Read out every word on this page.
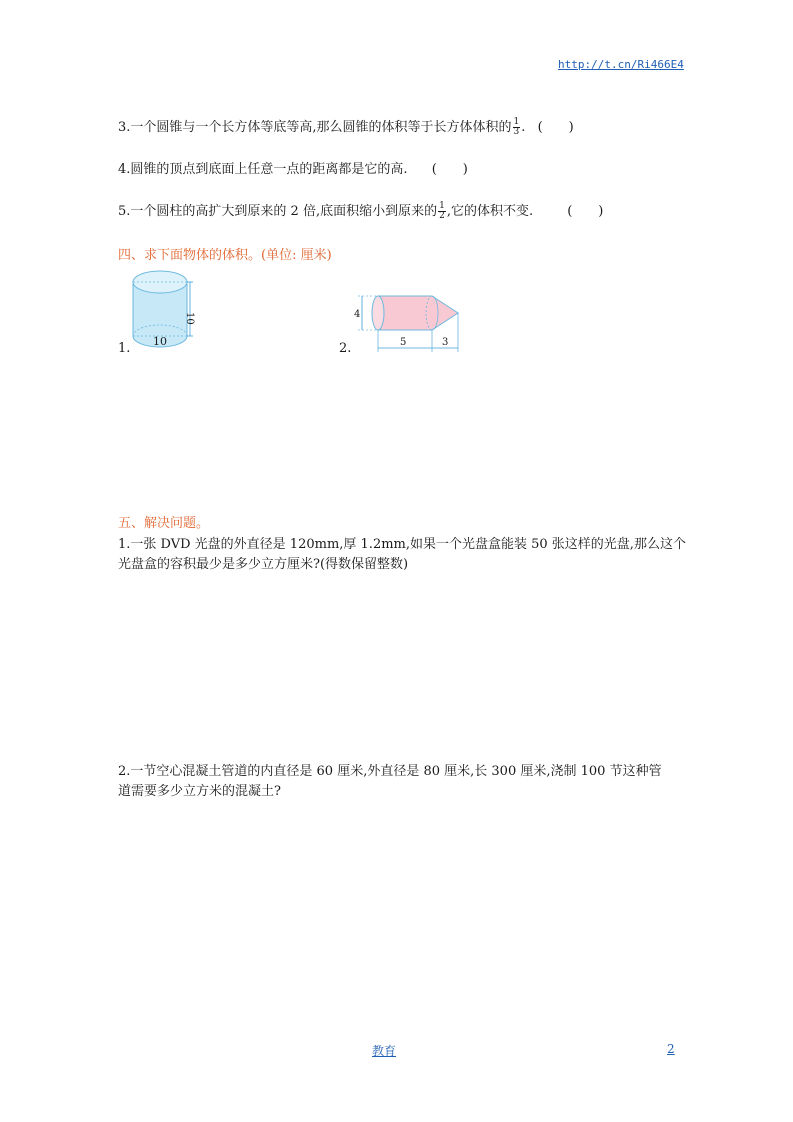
http://t.cn/Ri466E4
3.一个圆锥与一个长方体等底等高,那么圆锥的体积等于长方体体积的 $\frac{1}{3}$ . (　　)
4.圆锥的顶点到底面上任意一点的距离都是它的高. (　　)
5.一个圆柱的高扩大到原来的 2 倍,底面积缩小到原来的 $\frac{1}{2}$ ,它的体积不变.	(　　)
四、求下面物体的体积。(单位: 厘米)
1.
10
10	2.
4
5	3
五、解决问题。
1.一张 DVD 光盘的外直径是 120mm,厚 1.2mm,如果一个光盘盒能装 50 张这样的光盘,那么这个
光盘盒的容积最少是多少立方厘米?(得数保留整数)
2.一节空心混凝土管道的内直径是 60 厘米,外直径是 80 厘米,长 300 厘米,浇制 100 节这种管
道需要多少立方米的混凝土?
教育	2
